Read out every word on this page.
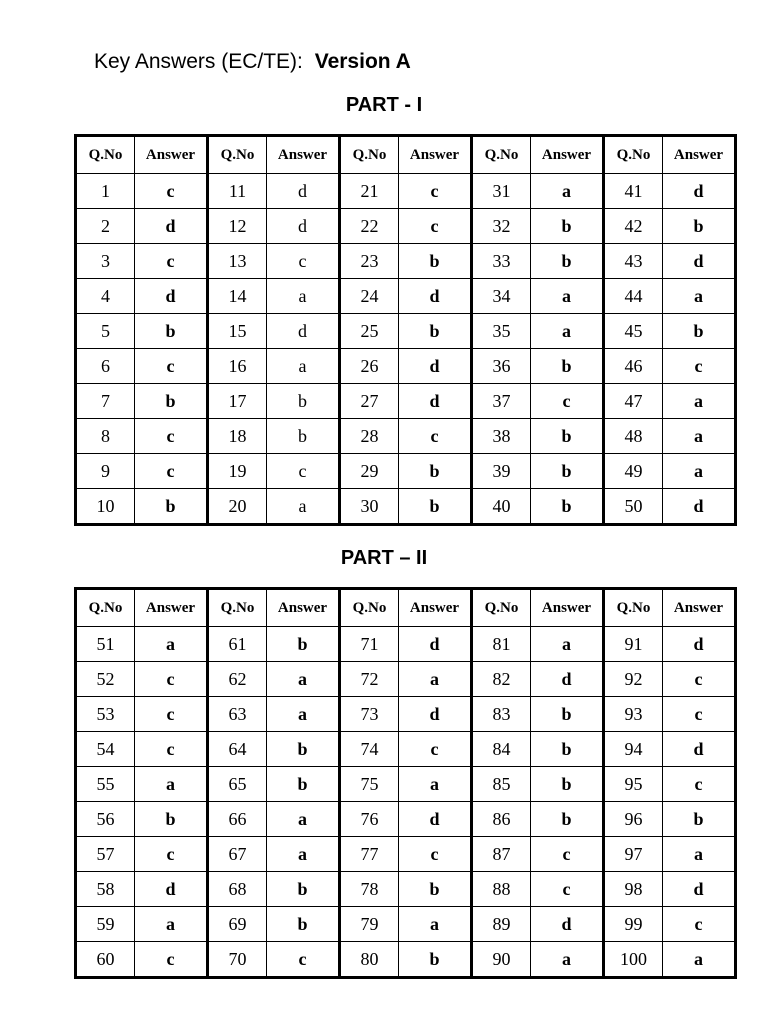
Key Answers (EC/TE): Version A
PART - I
Q.No	Answer	Q.No	Answer	Q.No	Answer	Q.No	Answer	Q.No	Answer
1	c	11	d	21	c	31	a	41	d
2	d	12	d	22	c	32	b	42	b
3	c	13	c	23	b	33	b	43	d
4	d	14	a	24	d	34	a	44	a
5	b	15	d	25	b	35	a	45	b
6	c	16	a	26	d	36	b	46	c
7	b	17	b	27	d	37	c	47	a
8	c	18	b	28	c	38	b	48	a
9	c	19	c	29	b	39	b	49	a
10	b	20	a	30	b	40	b	50	d
PART – II
Q.No	Answer	Q.No	Answer	Q.No	Answer	Q.No	Answer	Q.No	Answer
51	a	61	b	71	d	81	a	91	d
52	c	62	a	72	a	82	d	92	c
53	c	63	a	73	d	83	b	93	c
54	c	64	b	74	c	84	b	94	d
55	a	65	b	75	a	85	b	95	c
56	b	66	a	76	d	86	b	96	b
57	c	67	a	77	c	87	c	97	a
58	d	68	b	78	b	88	c	98	d
59	a	69	b	79	a	89	d	99	c
60	c	70	c	80	b	90	a	100	a
